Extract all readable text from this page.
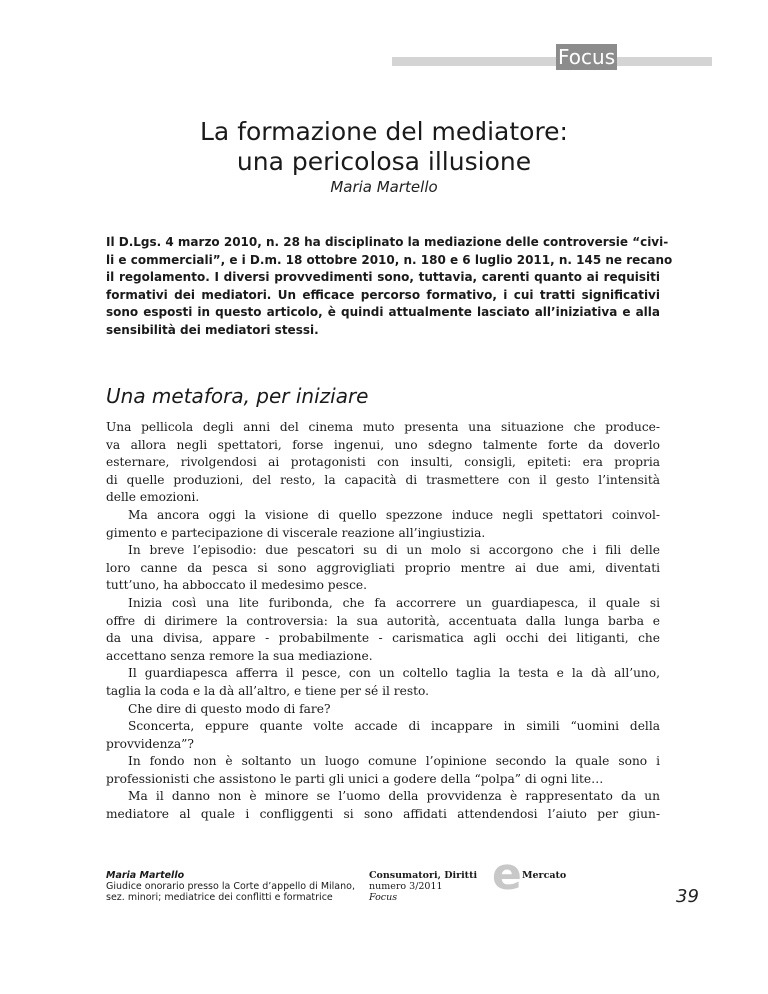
Focus
La formazione del mediatore:
una pericolosa illusione
Maria Martello
Il D.Lgs. 4 marzo 2010, n. 28 ha disciplinato la mediazione delle controversie “civi-
li e commerciali”, e i D.m. 18 ottobre 2010, n. 180 e 6 luglio 2011, n. 145 ne recano
il regolamento. I diversi provvedimenti sono, tuttavia, carenti quanto ai requisiti
formativi dei mediatori. Un efficace percorso formativo, i cui tratti significativi
sono esposti in questo articolo, è quindi attualmente lasciato all’iniziativa e alla
sensibilità dei mediatori stessi.
Una metafora, per iniziare
Una pellicola degli anni del cinema muto presenta una situazione che produce-
va allora negli spettatori, forse ingenui, uno sdegno talmente forte da doverlo
esternare, rivolgendosi ai protagonisti con insulti, consigli, epiteti: era propria
di quelle produzioni, del resto, la capacità di trasmettere con il gesto l’intensità
delle emozioni.
Ma ancora oggi la visione di quello spezzone induce negli spettatori coinvol-
gimento e partecipazione di viscerale reazione all’ingiustizia.
In breve l’episodio: due pescatori su di un molo si accorgono che i fili delle
loro canne da pesca si sono aggrovigliati proprio mentre ai due ami, diventati
tutt’uno, ha abboccato il medesimo pesce.
Inizia così una lite furibonda, che fa accorrere un guardiapesca, il quale si
offre di dirimere la controversia: la sua autorità, accentuata dalla lunga barba e
da una divisa, appare - probabilmente - carismatica agli occhi dei litiganti, che
accettano senza remore la sua mediazione.
Il guardiapesca afferra il pesce, con un coltello taglia la testa e la dà all’uno,
taglia la coda e la dà all’altro, e tiene per sé il resto.
Che dire di questo modo di fare?
Sconcerta, eppure quante volte accade di incappare in simili “uomini della
provvidenza”?
In fondo non è soltanto un luogo comune l’opinione secondo la quale sono i
professionisti che assistono le parti gli unici a godere della “polpa” di ogni lite…
Ma il danno non è minore se l’uomo della provvidenza è rappresentato da un
mediatore al quale i confliggenti si sono affidati attendendosi l’aiuto per giun-
Maria Martello
Giudice onorario presso la Corte d’appello di Milano,
sez. minori; mediatrice dei conflitti e formatrice
Consumatori, Diritti
numero 3/2011
Focus	e Mercato
39
